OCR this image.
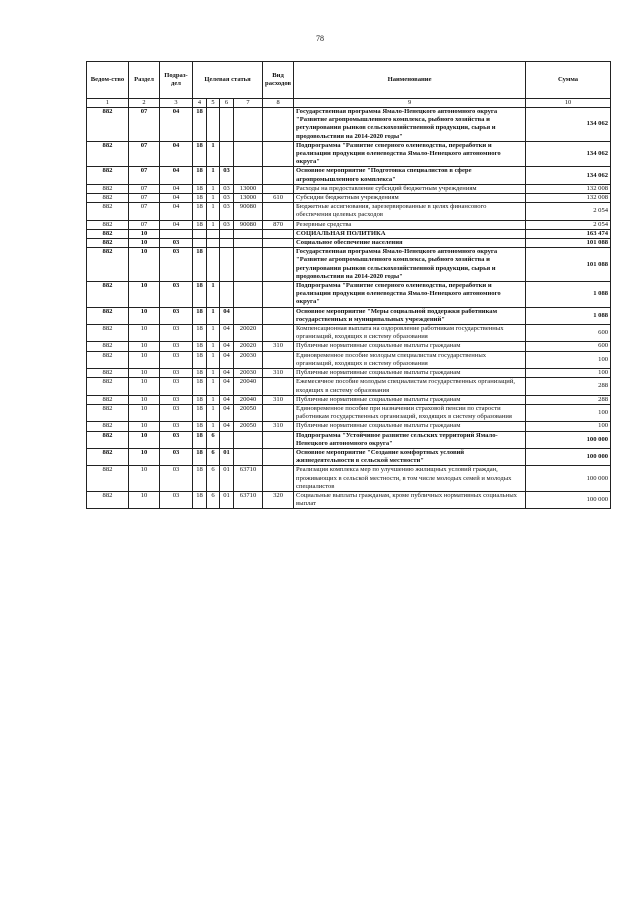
78
Ведом-ство	Раздел	Подраз-дел	Целевая статья				Вид расходов	Наименование	Сумма
1	2	3	4	5	6	7	8	9	10
882	07	04	18					Государственная программа Ямало-Ненецкого автономного округа "Развитие агропромышленного комплекса, рыбного хозяйства и регулирования рынков сельскохозяйственной продукции, сырья и продовольствия на 2014-2020 годы"	134 062
882	07	04	18	1				Подпрограмма "Развитие северного оленеводства, переработки и реализации продукции оленеводства Ямало-Ненецкого автономного округа"	134 062
882	07	04	18	1	03			Основное мероприятие "Подготовка специалистов в сфере агропромышленного комплекса"	134 062
882	07	04	18	1	03	13000		Расходы на предоставление субсидий бюджетным учреждениям	132 008
882	07	04	18	1	03	13000	610	Субсидии бюджетным учреждениям	132 008
882	07	04	18	1	03	90080		Бюджетные ассигнования, зарезервированные в целях финансового обеспечения целевых расходов	2 054
882	07	04	18	1	03	90080	870	Резервные средства	2 054
882	10							СОЦИАЛЬНАЯ ПОЛИТИКА	163 474
882	10	03						Социальное обеспечение населения	101 088
882	10	03	18					Государственная программа Ямало-Ненецкого автономного округа "Развитие агропромышленного комплекса, рыбного хозяйства и регулирования рынков сельскохозяйственной продукции, сырья и продовольствия на 2014-2020 годы"	101 088
882	10	03	18	1				Подпрограмма "Развитие северного оленеводства, переработки и реализации продукции оленеводства Ямало-Ненецкого автономного округа"	1 088
882	10	03	18	1	04			Основное мероприятие "Меры социальной поддержки работникам государственных и муниципальных учреждений"	1 088
882	10	03	18	1	04	20020		Компенсационная выплата на оздоровление работникам государственных организаций, входящих в систему образования	600
882	10	03	18	1	04	20020	310	Публичные нормативные социальные выплаты гражданам	600
882	10	03	18	1	04	20030		Единовременное пособие молодым специалистам государственных организаций, входящих в систему образования	100
882	10	03	18	1	04	20030	310	Публичные нормативные социальные выплаты гражданам	100
882	10	03	18	1	04	20040		Ежемесячное пособие молодым специалистам государственных организаций, входящих в систему образования	288
882	10	03	18	1	04	20040	310	Публичные нормативные социальные выплаты гражданам	288
882	10	03	18	1	04	20050		Единовременное пособие при назначении страховой пенсии по старости работникам государственных организаций, входящих в систему образования	100
882	10	03	18	1	04	20050	310	Публичные нормативные социальные выплаты гражданам	100
882	10	03	18	6				Подпрограмма "Устойчивое развитие сельских территорий Ямало-Ненецкого автономного округа"	100 000
882	10	03	18	6	01			Основное мероприятие "Создание комфортных условий жизнедеятельности в сельской местности"	100 000
882	10	03	18	6	01	63710		Реализация комплекса мер по улучшению жилищных условий граждан, проживающих в сельской местности, в том числе молодых семей и молодых специалистов	100 000
882	10	03	18	6	01	63710	320	Социальные выплаты гражданам, кроме публичных нормативных социальных выплат	100 000
